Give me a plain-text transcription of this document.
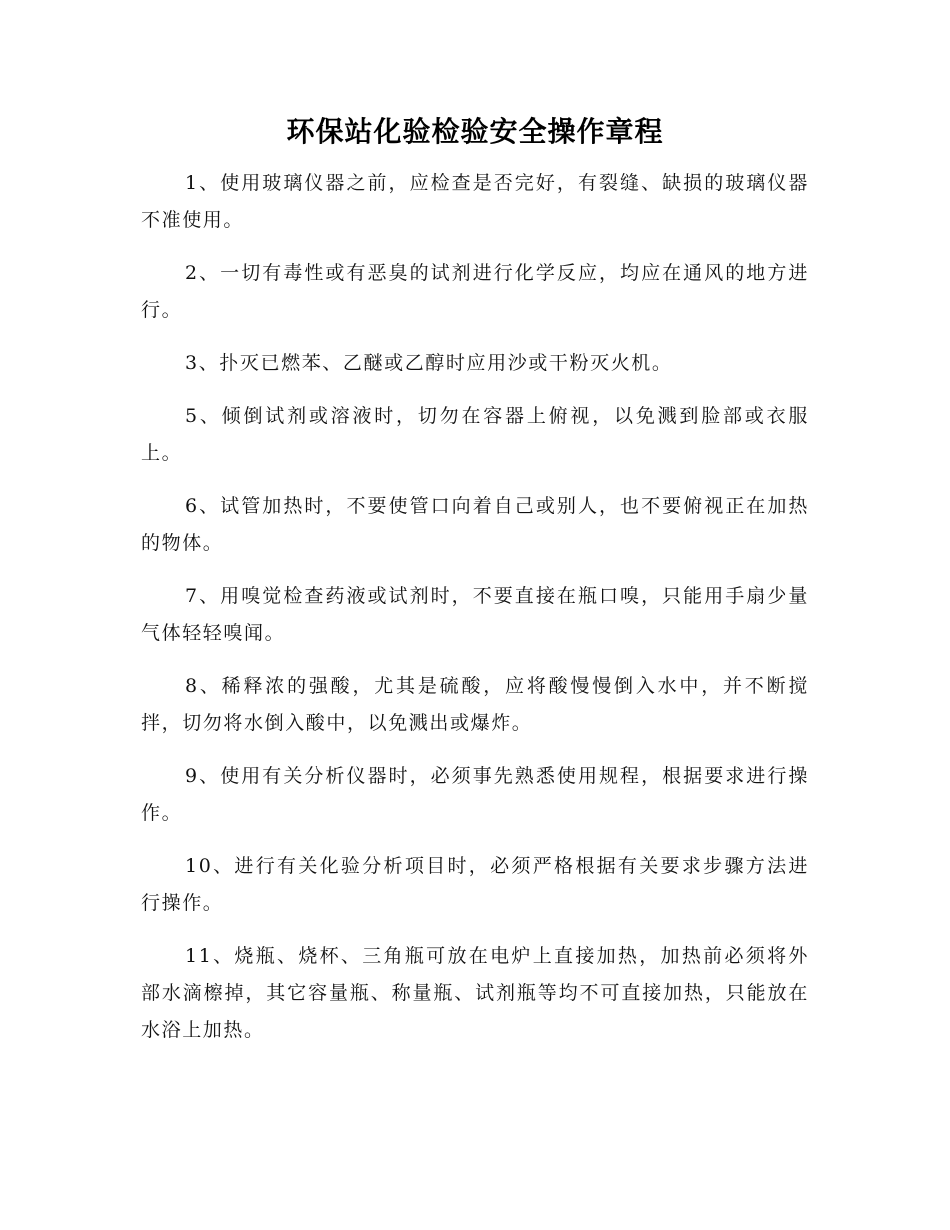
环保站化验检验安全操作章程

1、使用玻璃仪器之前，应检查是否完好，有裂缝、缺损的玻璃仪器不准使用。

2、一切有毒性或有恶臭的试剂进行化学反应，均应在通风的地方进行。

3、扑灭已燃苯、乙醚或乙醇时应用沙或干粉灭火机。

5、倾倒试剂或溶液时，切勿在容器上俯视，以免溅到脸部或衣服上。

6、试管加热时，不要使管口向着自己或别人，也不要俯视正在加热的物体。

7、用嗅觉检查药液或试剂时，不要直接在瓶口嗅，只能用手扇少量气体轻轻嗅闻。

8、稀释浓的强酸，尤其是硫酸，应将酸慢慢倒入水中，并不断搅拌，切勿将水倒入酸中，以免溅出或爆炸。

9、使用有关分析仪器时，必须事先熟悉使用规程，根据要求进行操作。

10、进行有关化验分析项目时，必须严格根据有关要求步骤方法进行操作。

11、烧瓶、烧杯、三角瓶可放在电炉上直接加热，加热前必须将外部水滴檫掉，其它容量瓶、称量瓶、试剂瓶等均不可直接加热，只能放在水浴上加热。
